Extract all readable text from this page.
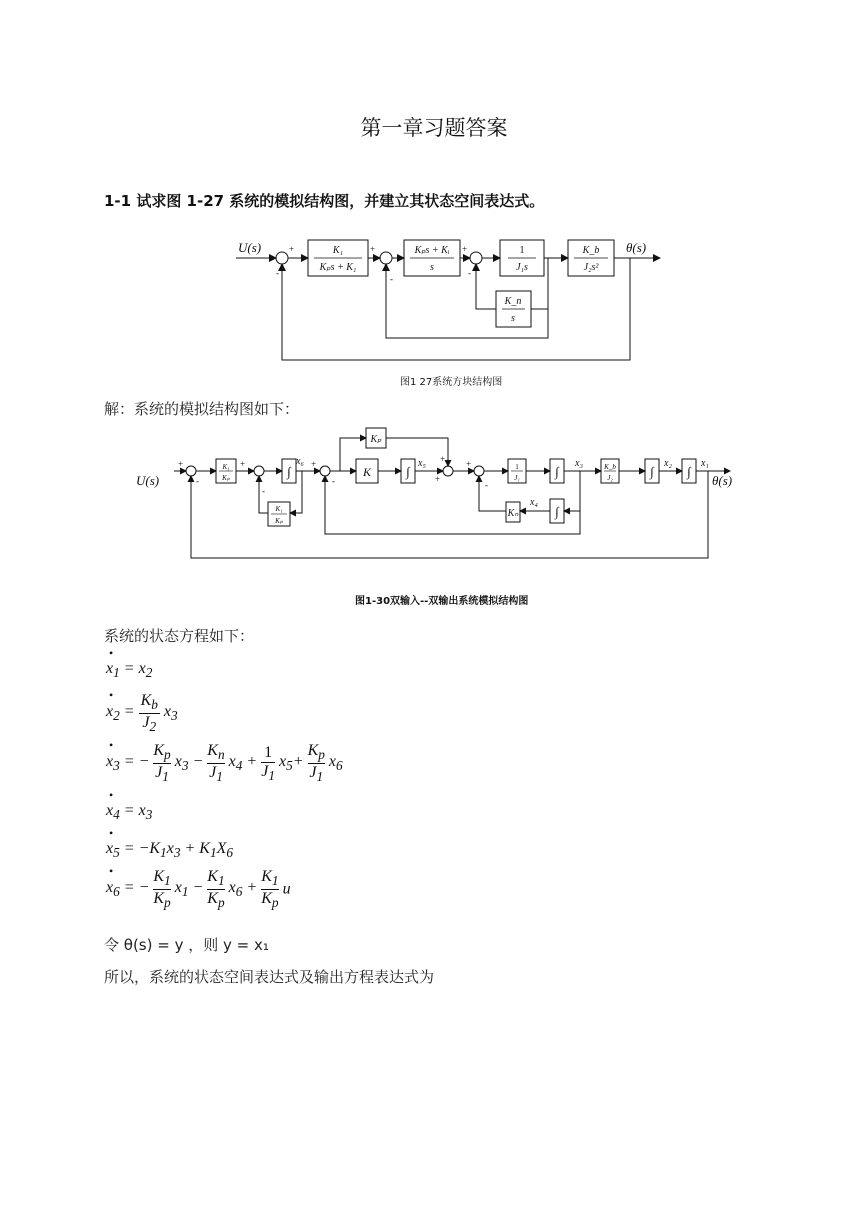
第一章习题答案
1-1 试求图 1-27 系统的模拟结构图，并建立其状态空间表达式。
U(s)	θ(s)
+	+	+
-
-
-
K₁
Kₚs + K₁
Kₚs + Kᵢ
s
1
J₁s
K_b
J₂s²
K_n
s
图1 27系统方块结构图
解：系统的模拟结构图如下：
U(s)	θ(s)
+
-
+
-
+
-
+
+
+
-
K₁
Kₚ	∫
x₆
K₁
Kₚ
Kₚ
K	∫
x₅	1
J₁	∫
x₃	K_b
J₂	∫
x₂
∫
x₁
∫
x₄
Kₙ
图1-30双输入--双输出系统模拟结构图
系统的状态方程如下：
•
$x_1 = x_2$
•
$x_2 = \frac{K_b}{J_2} x_3$
•
$x_3$ = − $\frac{K_p}{J_1} x_3 - \frac{K_n}{J_1} x_4 + \frac{1}{J_1} x_5+ \frac{K_p}{J_1} x_6$
•
$x_4 = x_3$
•
$x_5 = -K_1x_3 + K_1X_6$
•
$x_6$ = − $\frac{K_1}{K_p} x_1 - \frac{K_1}{K_p} x_6 + \frac{K_1}{K_p}$ u
令 θ(s) = y ，则 y = x₁
所以，系统的状态空间表达式及输出方程表达式为
